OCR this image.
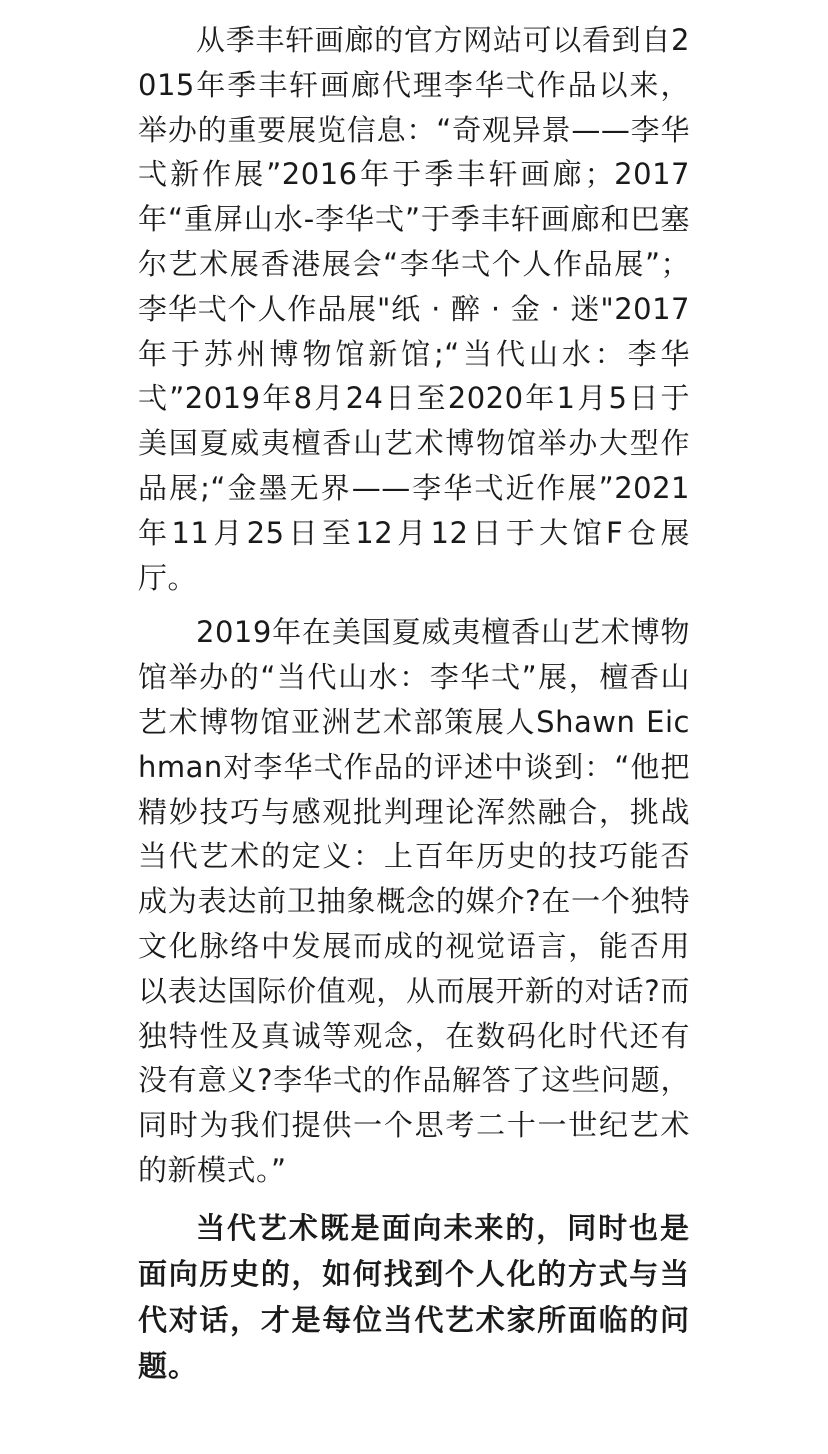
从季丰轩画廊的官方网站可以看到自2015年季丰轩画廊代理李华弌作品以来，举办的重要展览信息：“奇观异景——李华弌新作展”2016年于季丰轩画廊；2017年“重屏山水-李华弌”于季丰轩画廊和巴塞尔艺术展香港展会“李华弌个人作品展”；李华弌个人作品展"纸 · 醉 · 金 · 迷"2017年于苏州博物馆新馆;“当代山水：李华弌”2019年8月24日至2020年1月5日于美国夏威夷檀香山艺术博物馆举办大型作品展;“金墨无界——李华弌近作展”2021年11月25日至12月12日于大馆F仓展厅。

2019年在美国夏威夷檀香山艺术博物馆举办的“当代山水：李华弌”展，檀香山艺术博物馆亚洲艺术部策展人Shawn Eichman对李华弌作品的评述中谈到：“他把精妙技巧与感观批判理论浑然融合，挑战当代艺术的定义：上百年历史的技巧能否成为表达前卫抽象概念的媒介?在一个独特文化脉络中发展而成的视觉语言，能否用以表达国际价值观，从而展开新的对话?而独特性及真诚等观念，在数码化时代还有没有意义?李华弌的作品解答了这些问题，同时为我们提供一个思考二十一世纪艺术的新模式。”

当代艺术既是面向未来的，同时也是面向历史的，如何找到个人化的方式与当代对话，才是每位当代艺术家所面临的问题。
